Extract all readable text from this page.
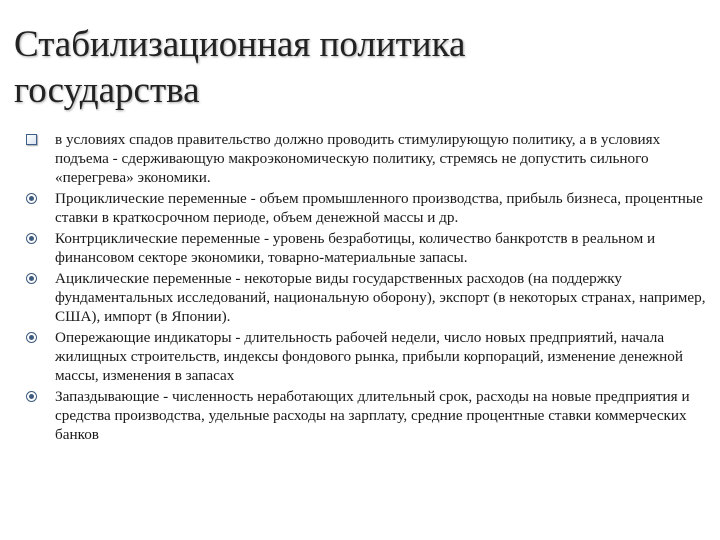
Стабилизационная политика государства
в условиях спадов правительство должно проводить стимулирующую политику, а в условиях подъема - сдерживающую макроэкономическую политику, стремясь не допустить сильного «перегрева» экономики.
Проциклические переменные - объем промышленного производства, прибыль бизнеса, процентные ставки в краткосрочном периоде, объем денежной массы и др.
Контрциклические переменные - уровень безработицы, количество банкротств в реальном и финансовом секторе экономики, товарно-материальные запасы.
Ациклические переменные - некоторые виды государственных расходов (на поддержку фундаментальных исследований, национальную оборону), экспорт (в некоторых странах, например, США), импорт (в Японии).
Опережающие индикаторы - длительность рабочей недели, число новых предприятий, начала жилищных строительств, индексы фондового рынка, прибыли корпораций, изменение денежной массы, изменения в запасах
Запаздывающие - численность неработающих длительный срок, расходы на новые предприятия и средства производства, удельные расходы на зарплату, средние процентные ставки коммерческих банков
